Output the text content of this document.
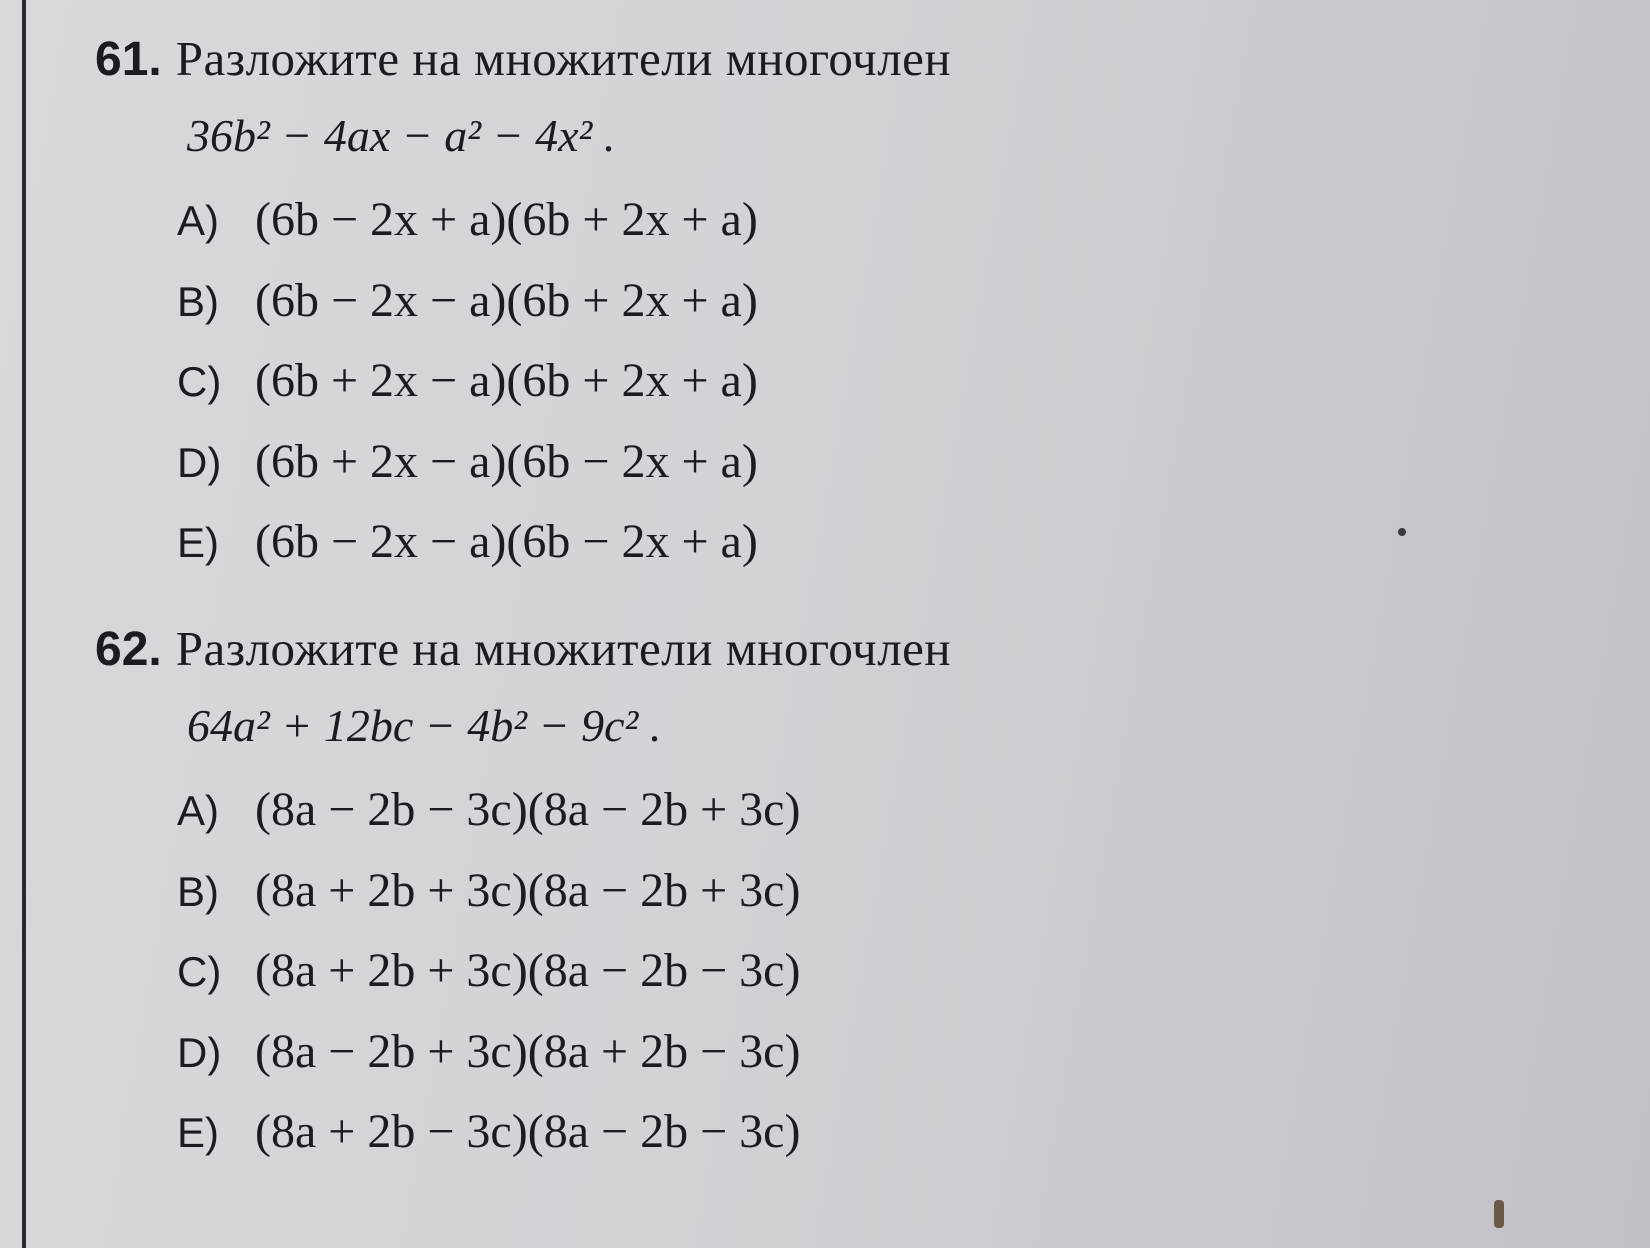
61. Разложите на множители многочлен
36b² − 4ax − a² − 4x² .
A) (6b − 2x + a)(6b + 2x + a)
B) (6b − 2x − a)(6b + 2x + a)
C) (6b + 2x − a)(6b + 2x + a)
D) (6b + 2x − a)(6b − 2x + a)
E) (6b − 2x − a)(6b − 2x + a)
62. Разложите на множители многочлен
64a² + 12bc − 4b² − 9c² .
A) (8a − 2b − 3c)(8a − 2b + 3c)
B) (8a + 2b + 3c)(8a − 2b + 3c)
C) (8a + 2b + 3c)(8a − 2b − 3c)
D) (8a − 2b + 3c)(8a + 2b − 3c)
E) (8a + 2b − 3c)(8a − 2b − 3c)
